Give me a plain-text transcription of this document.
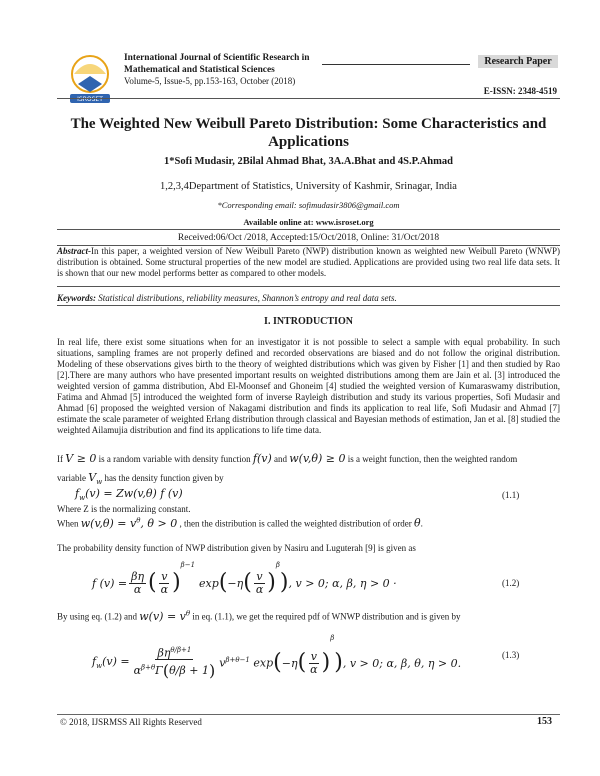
ISROSET
International Journal of Scientific Research in
Mathematical and Statistical Sciences
Volume-5, Issue-5, pp.153-163, October (2018)
Research Paper
E-ISSN: 2348-4519
The Weighted New Weibull Pareto Distribution: Some Characteristics and
Applications
1*Sofi Mudasir, 2Bilal Ahmad Bhat, 3A.A.Bhat and 4S.P.Ahmad
1,2,3,4Department of Statistics, University of Kashmir, Srinagar, India
*Corresponding email: sofimudasir3806@gmail.com
Available online at: www.isroset.org
Received:06/Oct /2018, Accepted:15/Oct/2018, Online: 31/Oct/2018
Abstract-In this paper, a weighted version of New Weibull Pareto (NWP) distribution known as weighted new Weibull Pareto (WNWP) distribution is obtained. Some structural properties of the new model are studied. Applications are provided using two real life data sets. It is shown that our new model performs better as compared to other models.
Keywords: Statistical distributions, reliability measures, Shannon’s entropy and real data sets.
I. INTRODUCTION
In real life, there exist some situations when for an investigator it is not possible to select a sample with equal probability. In such situations, sampling frames are not properly defined and recorded observations are biased and do not follow the original distribution. Modeling of these observations gives birth to the theory of weighted distributions which was given by Fisher [1] and then studied by Rao [2].There are many authors who have presented important results on weighted distributions among them are Jain et al. [3] introduced the weighted version of gamma distribution, Abd El-Moonsef and Ghoneim [4] studied the weighted version of Kumaraswamy distribution, Fatima and Ahmad [5] introduced the weighted form of inverse Rayleigh distribution and study its various properties, Sofi Mudasir and Ahmad [6] proposed the weighted version of Nakagami distribution and finds its application to real life, Sofi Mudasir and Ahmad [7] estimate the scale parameter of weighted Erlang distribution through classical and Bayesian methods of estimation, Jan et al. [8] studied the weighted Ailamujia distribution and find its applications to life time data.
If V ≥ 0 is a random variable with density function f(v) and w(v,θ) ≥ 0 is a weight function, then the weighted random
variable $V_w$ has the density function given by
$f_w(v) = Zw(v,\theta)$ f (v)	(1.1)
Where Z is the normalizing constant.
When $w(v,\theta) = v^\theta$, θ > 0 , then the distribution is called the weighted distribution of order θ.
The probability density function of NWP distribution given by Nasiru and Luguterah [9] is given as
f $(v) = \frac{\beta\eta}{\alpha}$ ( $\frac{v}{\alpha}$ )
β−1
exp ( −η ( $\frac{v}{\alpha}$ )
β
) , v > 0; α, β, η > 0 ·	(1.2)
By using eq. (1.2) and $w(v) = v^\theta$ in eq. (1.1), we get the required pdf of WNWP distribution and is given by
$f_w(v) = \frac{\beta\eta^{\theta/\beta+1}}{\alpha^{\beta+\theta}\Gamma(\theta/\beta + 1)} v^{\beta+\theta-1}$ exp ( −η ( $\frac{v}{\alpha}$ )
β
) , v > 0; α, β, θ, η > 0.
(1.3)
© 2018, IJSRMSS All Rights Reserved	153
